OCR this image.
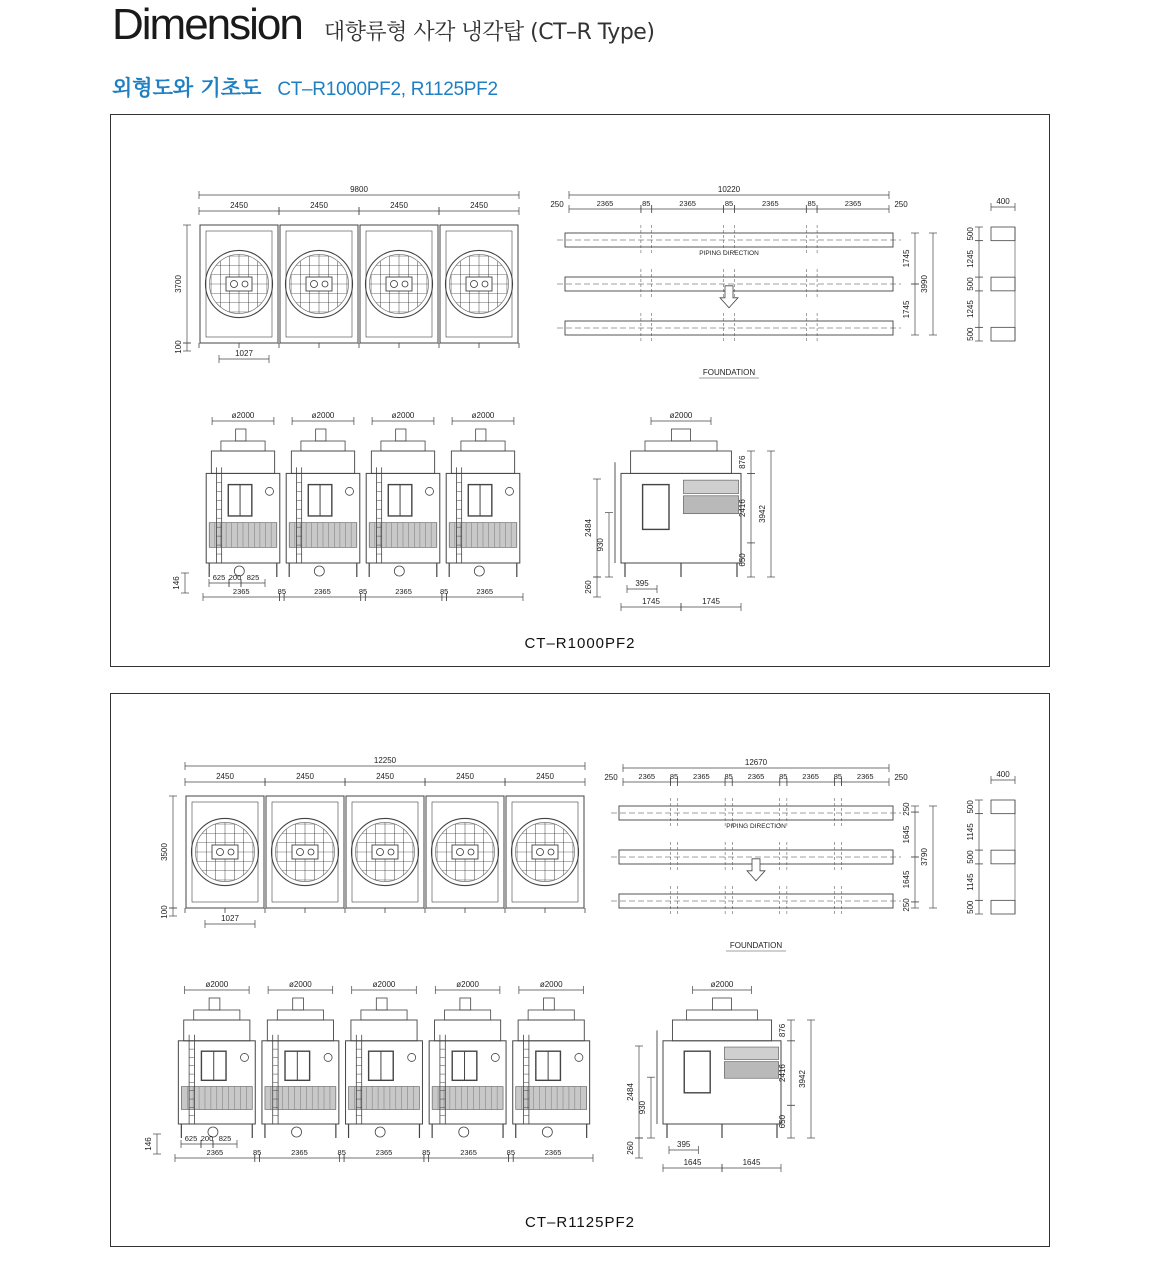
Dimension 대향류형 사각 냉각탑 (CT–R Type)
외형도와 기초도 CT–R1000PF2, R1125PF2
9800
2450	2450	2450	2450
3700
100	1027
10220
250	250
2365	85	2365	85	2365	85	2365
PIPING DIRECTION
FOUNDATION
1745
1745
3990
400
500
1245
500
1245
500
ø2000	ø2000	ø2000	ø2000
2365	85	2365	85	2365	85	2365
625 200 825
146
ø2000
876
2416
650
3942
2484
930
260	395
1745	1745
CT–R1000PF2
12250
2450	2450	2450	2450	2450
3500
100	1027
12670
250	250
2365 85 2365 85 2365 85 2365 85 2365
PIPING DIRECTION
FOUNDATION
250
1645
1645
250
3790
400
500
1145
500
1145
500
ø2000	ø2000	ø2000	ø2000	ø2000
2365	85	2365	85	2365	85	2365	85	2365
625 200 825
146
ø2000
876
2416
650
3942
2484
930
260	395
1645	1645
CT–R1125PF2
